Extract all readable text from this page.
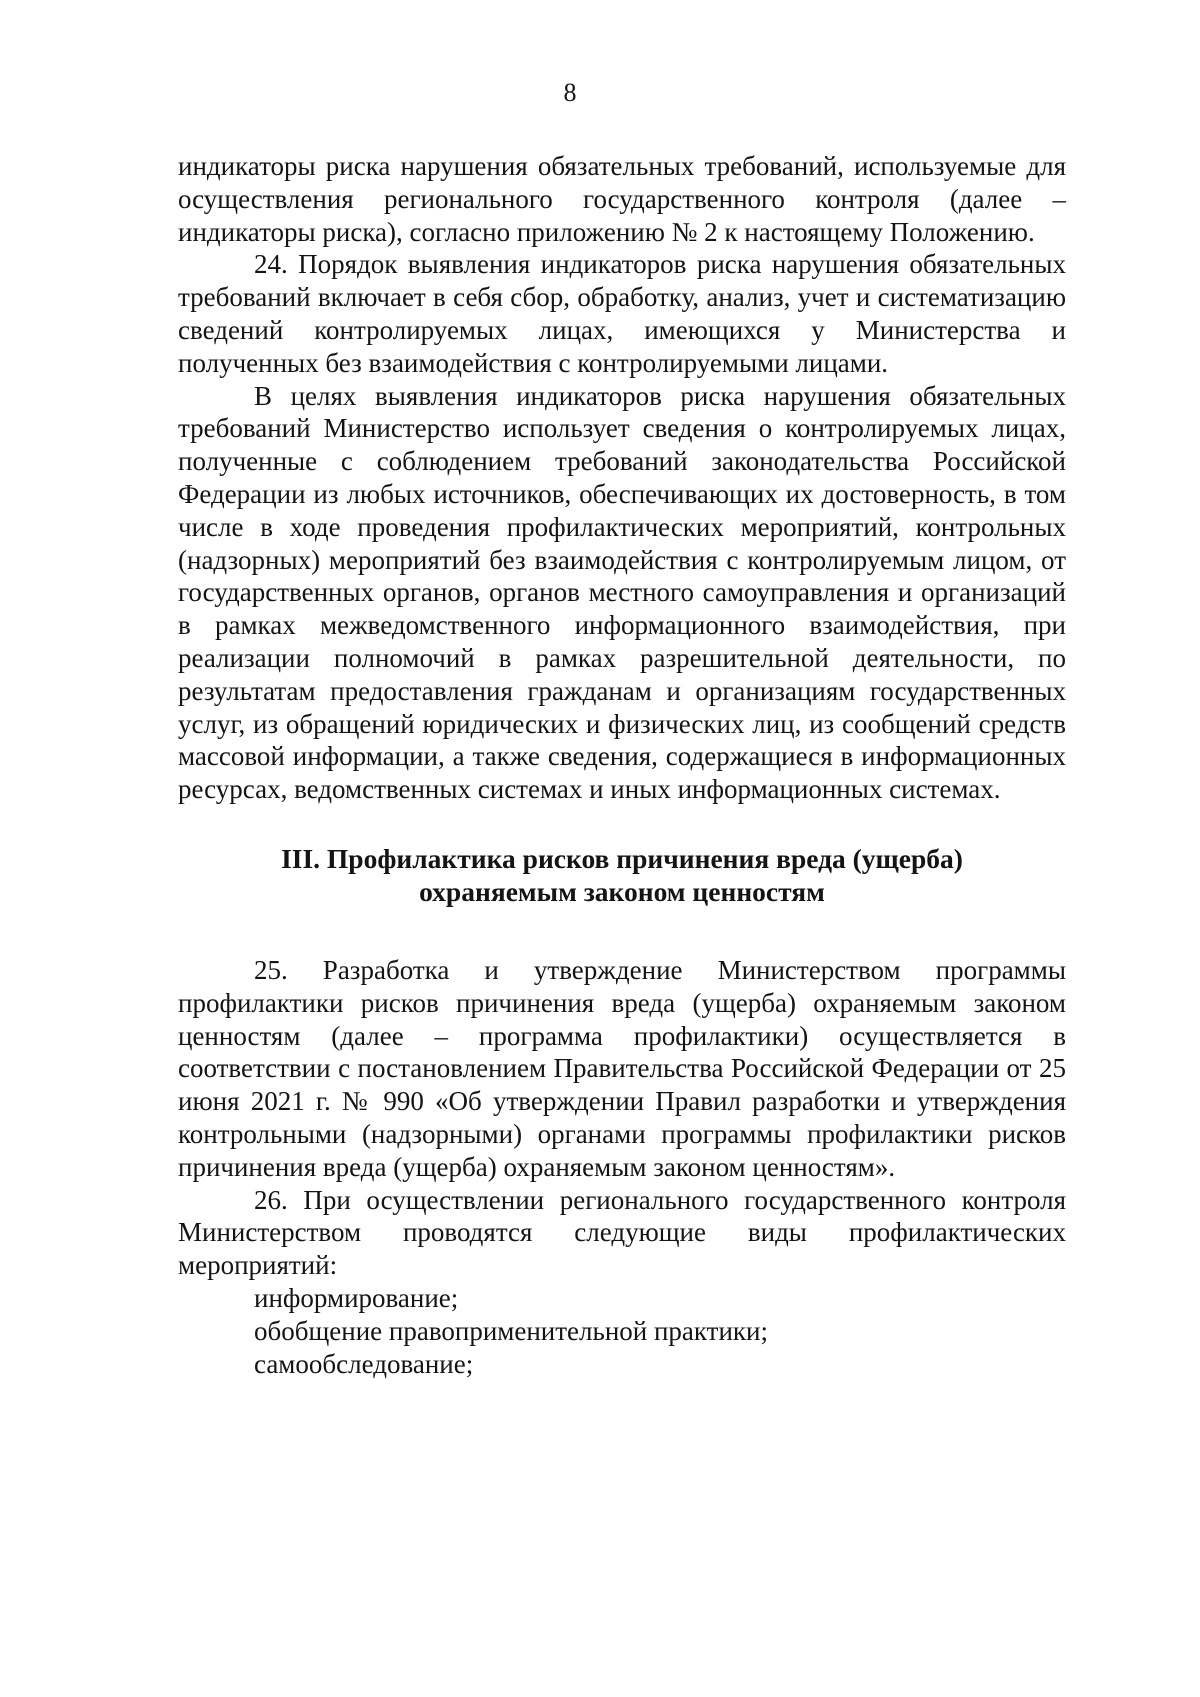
8

индикаторы риска нарушения обязательных требований, используемые для осуществления регионального государственного контроля (далее – индикаторы риска), согласно приложению № 2 к настоящему Положению.

24. Порядок выявления индикаторов риска нарушения обязательных требований включает в себя сбор, обработку, анализ, учет и систематизацию сведений контролируемых лицах, имеющихся у Министерства и полученных без взаимодействия с контролируемыми лицами.

В целях выявления индикаторов риска нарушения обязательных требований Министерство использует сведения о контролируемых лицах, полученные с соблюдением требований законодательства Российской Федерации из любых источников, обеспечивающих их достоверность, в том числе в ходе проведения профилактических мероприятий, контрольных (надзорных) мероприятий без взаимодействия с контролируемым лицом, от государственных органов, органов местного самоуправления и организаций в рамках межведомственного информационного взаимодействия, при реализации полномочий в рамках разрешительной деятельности, по результатам предоставления гражданам и организациям государственных услуг, из обращений юридических и физических лиц, из сообщений средств массовой информации, а также сведения, содержащиеся в информационных ресурсах, ведомственных системах и иных информационных системах.

III. Профилактика рисков причинения вреда (ущерба)
охраняемым законом ценностям

25. Разработка и утверждение Министерством программы профилактики рисков причинения вреда (ущерба) охраняемым законом ценностям (далее – программа профилактики) осуществляется в соответствии с постановлением Правительства Российской Федерации от 25 июня 2021 г. № 990 «Об утверждении Правил разработки и утверждения контрольными (надзорными) органами программы профилактики рисков причинения вреда (ущерба) охраняемым законом ценностям».

26. При осуществлении регионального государственного контроля Министерством проводятся следующие виды профилактических мероприятий:

информирование;

обобщение правоприменительной практики;

самообследование;
